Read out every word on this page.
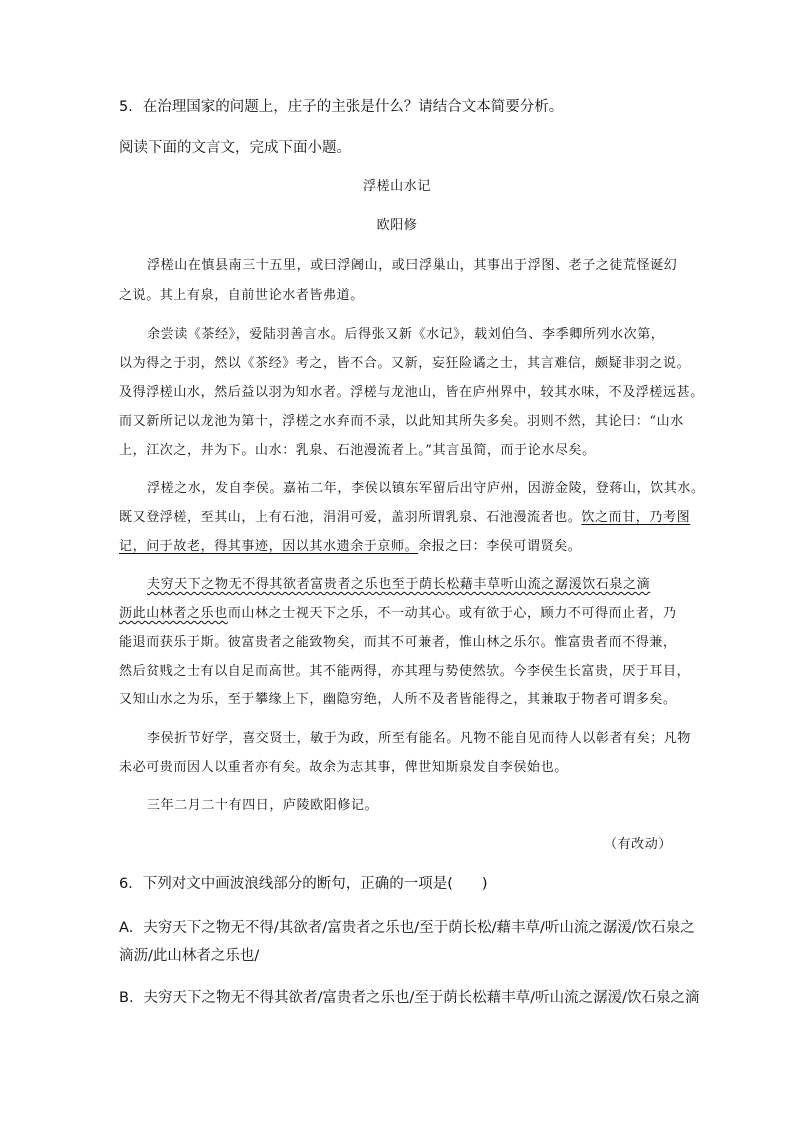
5．在治理国家的问题上，庄子的主张是什么？请结合文本简要分析。
阅读下面的文言文，完成下面小题。
浮槎山水记
欧阳修
浮槎山在慎县南三十五里，或曰浮阇山，或曰浮巢山，其事出于浮图、老子之徒荒怪诞幻
之说。其上有泉，自前世论水者皆弗道。
余尝读《茶经》，爱陆羽善言水。后得张又新《水记》，载刘伯刍、李季卿所列水次第，
以为得之于羽，然以《茶经》考之，皆不合。又新，妄狂险谲之士，其言难信，颇疑非羽之说。
及得浮槎山水，然后益以羽为知水者。浮槎与龙池山，皆在庐州界中，较其水味，不及浮槎远甚。
而又新所记以龙池为第十，浮槎之水弃而不录，以此知其所失多矣。羽则不然，其论曰：“山水
上，江次之，井为下。山水：乳泉、石池漫流者上。”其言虽简，而于论水尽矣。
浮槎之水，发自李侯。嘉祐二年，李侯以镇东军留后出守庐州，因游金陵，登蒋山，饮其水。
既又登浮槎，至其山，上有石池，涓涓可爱，盖羽所谓乳泉、石池漫流者也。饮之而甘，乃考图
记，问于故老，得其事迹，因以其水遗余于京师。余报之曰：李侯可谓贤矣。
夫穷天下之物无不得其欲者富贵者之乐也至于荫长松藉丰草听山流之潺湲饮石泉之滴
沥此山林者之乐也而山林之士视天下之乐，不一动其心。或有欲于心，顾力不可得而止者，乃
能退而获乐于斯。彼富贵者之能致物矣，而其不可兼者，惟山林之乐尔。惟富贵者而不得兼，
然后贫贱之士有以自足而高世。其不能两得，亦其理与势使然欤。今李侯生长富贵，厌于耳目，
又知山水之为乐，至于攀缘上下，幽隐穷绝，人所不及者皆能得之，其兼取于物者可谓多矣。
李侯折节好学，喜交贤士，敏于为政，所至有能名。凡物不能自见而待人以彰者有矣；凡物
未必可贵而因人以重者亦有矣。故余为志其事，俾世知斯泉发自李侯始也。
三年二月二十有四日，庐陵欧阳修记。
（有改动）
6．下列对文中画波浪线部分的断句，正确的一项是(　　)
A．夫穷天下之物无不得/其欲者/富贵者之乐也/至于荫长松/藉丰草/听山流之潺湲/饮石泉之
滴沥/此山林者之乐也/
B．夫穷天下之物无不得其欲者/富贵者之乐也/至于荫长松藉丰草/听山流之潺湲/饮石泉之滴
